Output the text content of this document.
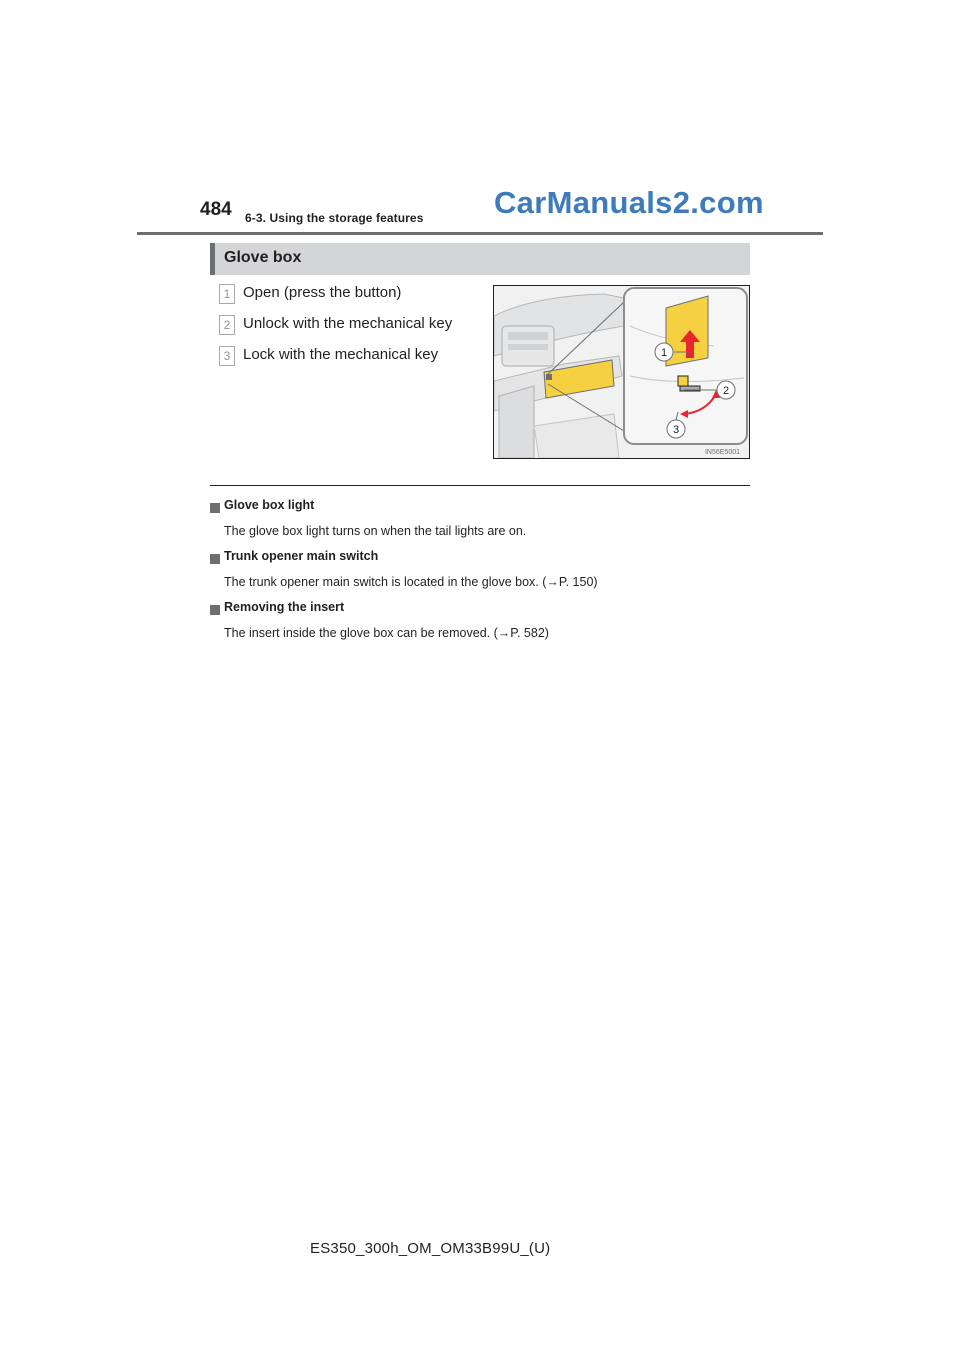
484 6-3. Using the storage features CarManuals2.com
Glove box
1 Open (press the button)
2 Unlock with the mechanical key
3 Lock with the mechanical key	1
2
3
IN56E5001
Glove box light
The glove box light turns on when the tail lights are on.
Trunk opener main switch
The trunk opener main switch is located in the glove box. (→P. 150)
Removing the insert
The insert inside the glove box can be removed. (→P. 582)
ES350_300h_OM_OM33B99U_(U)
